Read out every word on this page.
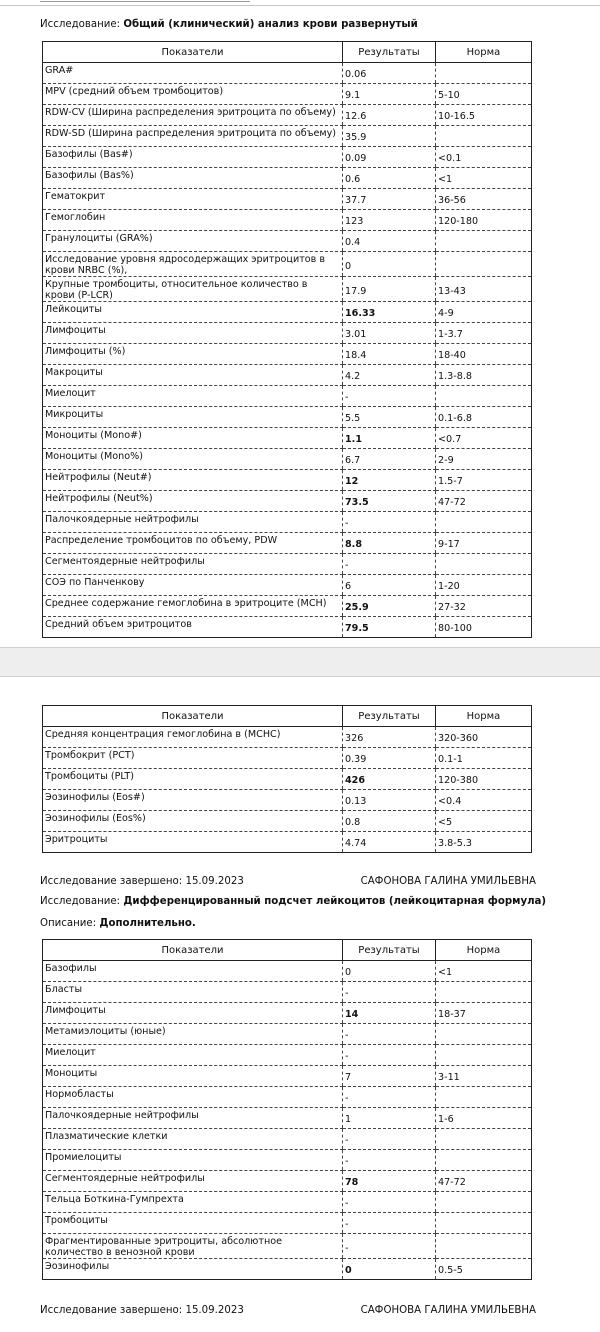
Исследование: Общий (клинический) анализ крови развернутый
Показатели	Результаты	Норма
GRA#	0.06	
MPV (средний объем тромбоцитов)	9.1	5-10
RDW-CV (Ширина распределения эритроцита по объему)	12.6	10-16.5
RDW-SD (Ширина распределения эритроцита по объему)	35.9	
Базофилы (Bas#)	0.09	<0.1
Базофилы (Bas%)	0.6	<1
Гематокрит	37.7	36-56
Гемоглобин	123	120-180
Гранулоциты (GRA%)	0.4	
Исследование уровня ядросодержащих эритроцитов в крови NRBC (%),	0	
Крупные тромбоциты, относительное количество в крови (P-LCR)	17.9	13-43
Лейкоциты	16.33	4-9
Лимфоциты	3.01	1-3.7
Лимфоциты (%)	18.4	18-40
Макроциты	4.2	1.3-8.8
Миелоцит	-	
Микроциты	5.5	0.1-6.8
Моноциты (Mono#)	1.1	<0.7
Моноциты (Mono%)	6.7	2-9
Нейтрофилы (Neut#)	12	1.5-7
Нейтрофилы (Neut%)	73.5	47-72
Палочкоядерные нейтрофилы	-	
Распределение тромбоцитов по объему, PDW	8.8	9-17
Сегментоядерные нейтрофилы	-	
СОЭ по Панченкову	6	1-20
Среднее содержание гемоглобина в эритроците (MCH)	25.9	27-32
Средний объем эритроцитов	79.5	80-100
Показатели	Результаты	Норма
Средняя концентрация гемоглобина в (MCHC)	326	320-360
Тромбокрит (PCT)	0.39	0.1-1
Тромбоциты (PLT)	426	120-380
Эозинофилы (Eos#)	0.13	<0.4
Эозинофилы (Eos%)	0.8	<5
Эритроциты	4.74	3.8-5.3
Исследование завершено: 15.09.2023	САФОНОВА ГАЛИНА УМИЛЬЕВНА
Исследование: Дифференцированный подсчет лейкоцитов (лейкоцитарная формула)
Описание: Дополнительно.
Показатели	Результаты	Норма
Базофилы	0	<1
Бласты	-	
Лимфоциты	14	18-37
Метамиэлоциты (юные)	-	
Миелоцит	-	
Моноциты	7	3-11
Нормобласты	-	
Палочкоядерные нейтрофилы	1	1-6
Плазматические клетки	-	
Промиелоциты	-	
Сегментоядерные нейтрофилы	78	47-72
Тельца Боткина-Гумпрехта	-	
Тромбоциты	-	
Фрагментированные эритроциты, абсолютное количество в венозной крови	-	
Эозинофилы	0	0.5-5
Исследование завершено: 15.09.2023	САФОНОВА ГАЛИНА УМИЛЬЕВНА
